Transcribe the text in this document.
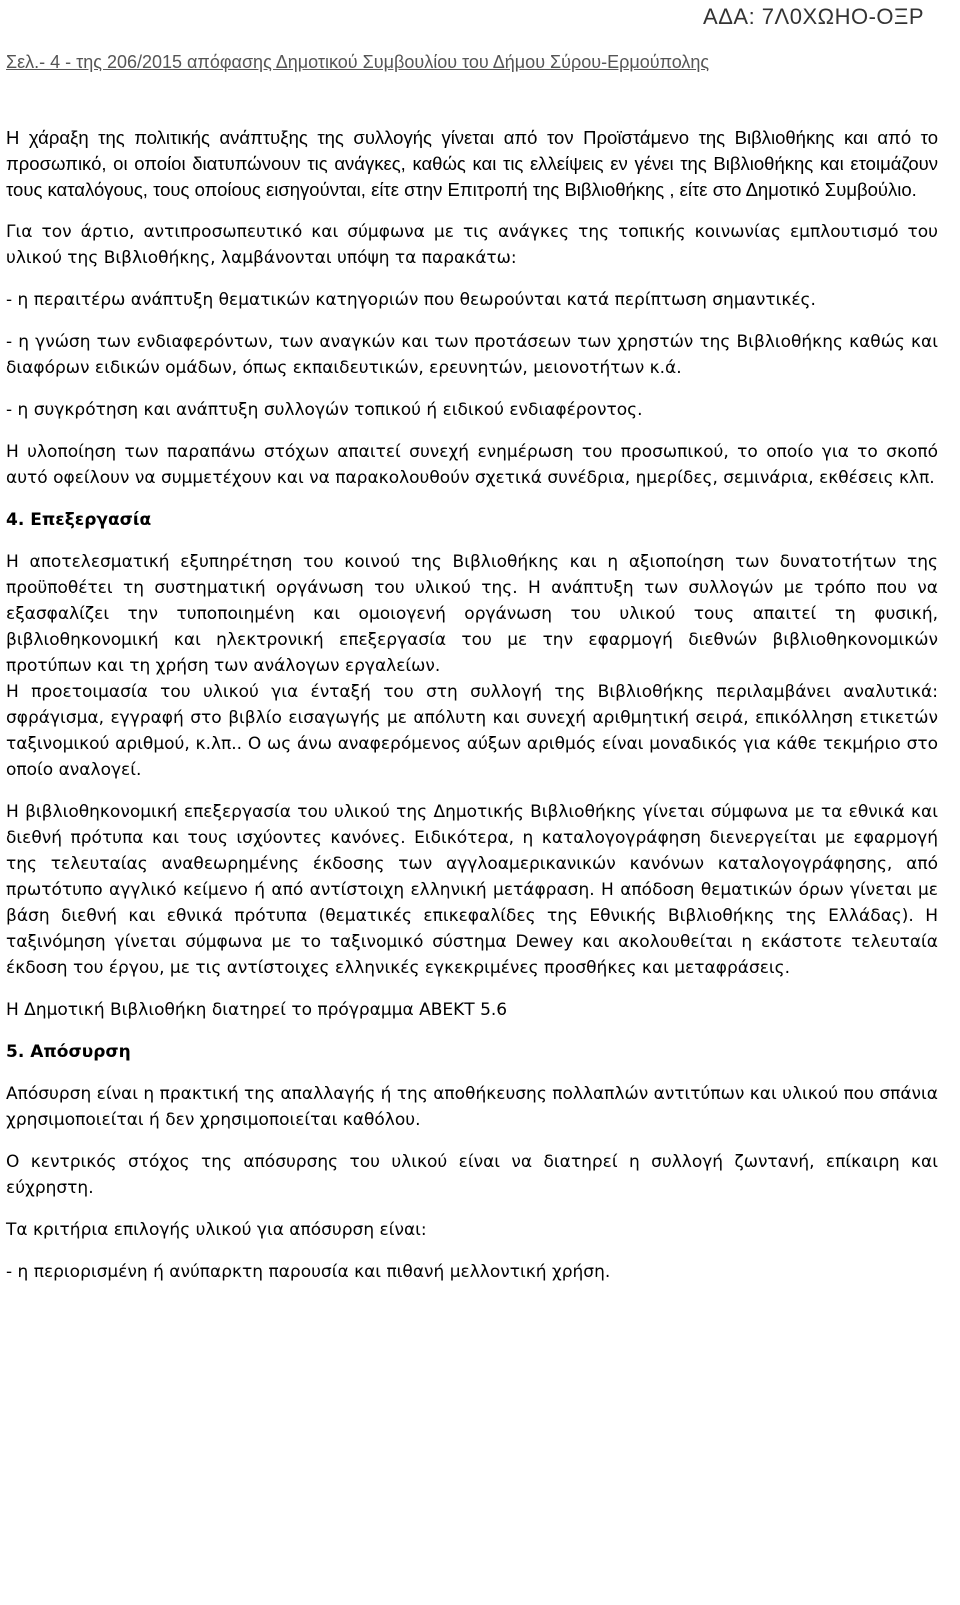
ΑΔΑ: 7Λ0ΧΩΗΟ-ΟΞΡ
Σελ.- 4 - της 206/2015 απόφασης Δημοτικού Συμβουλίου του Δήμου Σύρου-Ερμούπολης

Η χάραξη της πολιτικής ανάπτυξης της συλλογής γίνεται από τον Προϊστάμενο της Βιβλιοθήκης και από το προσωπικό, οι οποίοι διατυπώνουν τις ανάγκες, καθώς και τις ελλείψεις εν γένει της Βιβλιοθήκης και ετοιμάζουν τους καταλόγους, τους οποίους εισηγούνται, είτε στην Επιτροπή της Βιβλιοθήκης , είτε στο Δημοτικό Συμβούλιο.

Για τον άρτιο, αντιπροσωπευτικό και σύμφωνα με τις ανάγκες της τοπικής κοινωνίας εμπλουτισμό του υλικού της Βιβλιοθήκης, λαμβάνονται υπόψη τα παρακάτω:

- η περαιτέρω ανάπτυξη θεματικών κατηγοριών που θεωρούνται κατά περίπτωση σημαντικές.

- η γνώση των ενδιαφερόντων, των αναγκών και των προτάσεων των χρηστών της Βιβλιοθήκης καθώς και διαφόρων ειδικών ομάδων, όπως εκπαιδευτικών, ερευνητών, μειονοτήτων κ.ά.

- η συγκρότηση και ανάπτυξη συλλογών τοπικού ή ειδικού ενδιαφέροντος.

Η υλοποίηση των παραπάνω στόχων απαιτεί συνεχή ενημέρωση του προσωπικού, το οποίο για το σκοπό αυτό οφείλουν να συμμετέχουν και να παρακολουθούν σχετικά συνέδρια, ημερίδες, σεμινάρια, εκθέσεις κλπ.

4. Επεξεργασία

Η αποτελεσματική εξυπηρέτηση του κοινού της Βιβλιοθήκης και η αξιοποίηση των δυνατοτήτων της προϋποθέτει τη συστηματική οργάνωση του υλικού της. Η ανάπτυξη των συλλογών με τρόπο που να εξασφαλίζει την τυποποιημένη και ομοιογενή οργάνωση του υλικού τους απαιτεί τη φυσική, βιβλιοθηκονομική και ηλεκτρονική επεξεργασία του με την εφαρμογή διεθνών βιβλιοθηκονομικών προτύπων και τη χρήση των ανάλογων εργαλείων.

Η προετοιμασία του υλικού για ένταξή του στη συλλογή της Βιβλιοθήκης περιλαμβάνει αναλυτικά: σφράγισμα, εγγραφή στο βιβλίο εισαγωγής με απόλυτη και συνεχή αριθμητική σειρά, επικόλληση ετικετών ταξινομικού αριθμού, κ.λπ.. Ο ως άνω αναφερόμενος αύξων αριθμός είναι μοναδικός για κάθε τεκμήριο στο οποίο αναλογεί.

Η βιβλιοθηκονομική επεξεργασία του υλικού της Δημοτικής Βιβλιοθήκης γίνεται σύμφωνα με τα εθνικά και διεθνή πρότυπα και τους ισχύοντες κανόνες. Ειδικότερα, η καταλογογράφηση διενεργείται με εφαρμογή της τελευταίας αναθεωρημένης έκδοσης των αγγλοαμερικανικών κανόνων καταλογογράφησης, από πρωτότυπο αγγλικό κείμενο ή από αντίστοιχη ελληνική μετάφραση. Η απόδοση θεματικών όρων γίνεται με βάση διεθνή και εθνικά πρότυπα (θεματικές επικεφαλίδες της Εθνικής Βιβλιοθήκης της Ελλάδας). Η ταξινόμηση γίνεται σύμφωνα με το ταξινομικό σύστημα Dewey και ακολουθείται η εκάστοτε τελευταία έκδοση του έργου, με τις αντίστοιχες ελληνικές εγκεκριμένες προσθήκες και μεταφράσεις.

Η Δημοτική Βιβλιοθήκη διατηρεί το πρόγραμμα ΑΒΕΚΤ 5.6

5. Απόσυρση

Απόσυρση είναι η πρακτική της απαλλαγής ή της αποθήκευσης πολλαπλών αντιτύπων και υλικού που σπάνια χρησιμοποιείται ή δεν χρησιμοποιείται καθόλου.

Ο κεντρικός στόχος της απόσυρσης του υλικού είναι να διατηρεί η συλλογή ζωντανή, επίκαιρη και εύχρηστη.

Τα κριτήρια επιλογής υλικού για απόσυρση είναι:

- η περιορισμένη ή ανύπαρκτη παρουσία και πιθανή μελλοντική χρήση.
